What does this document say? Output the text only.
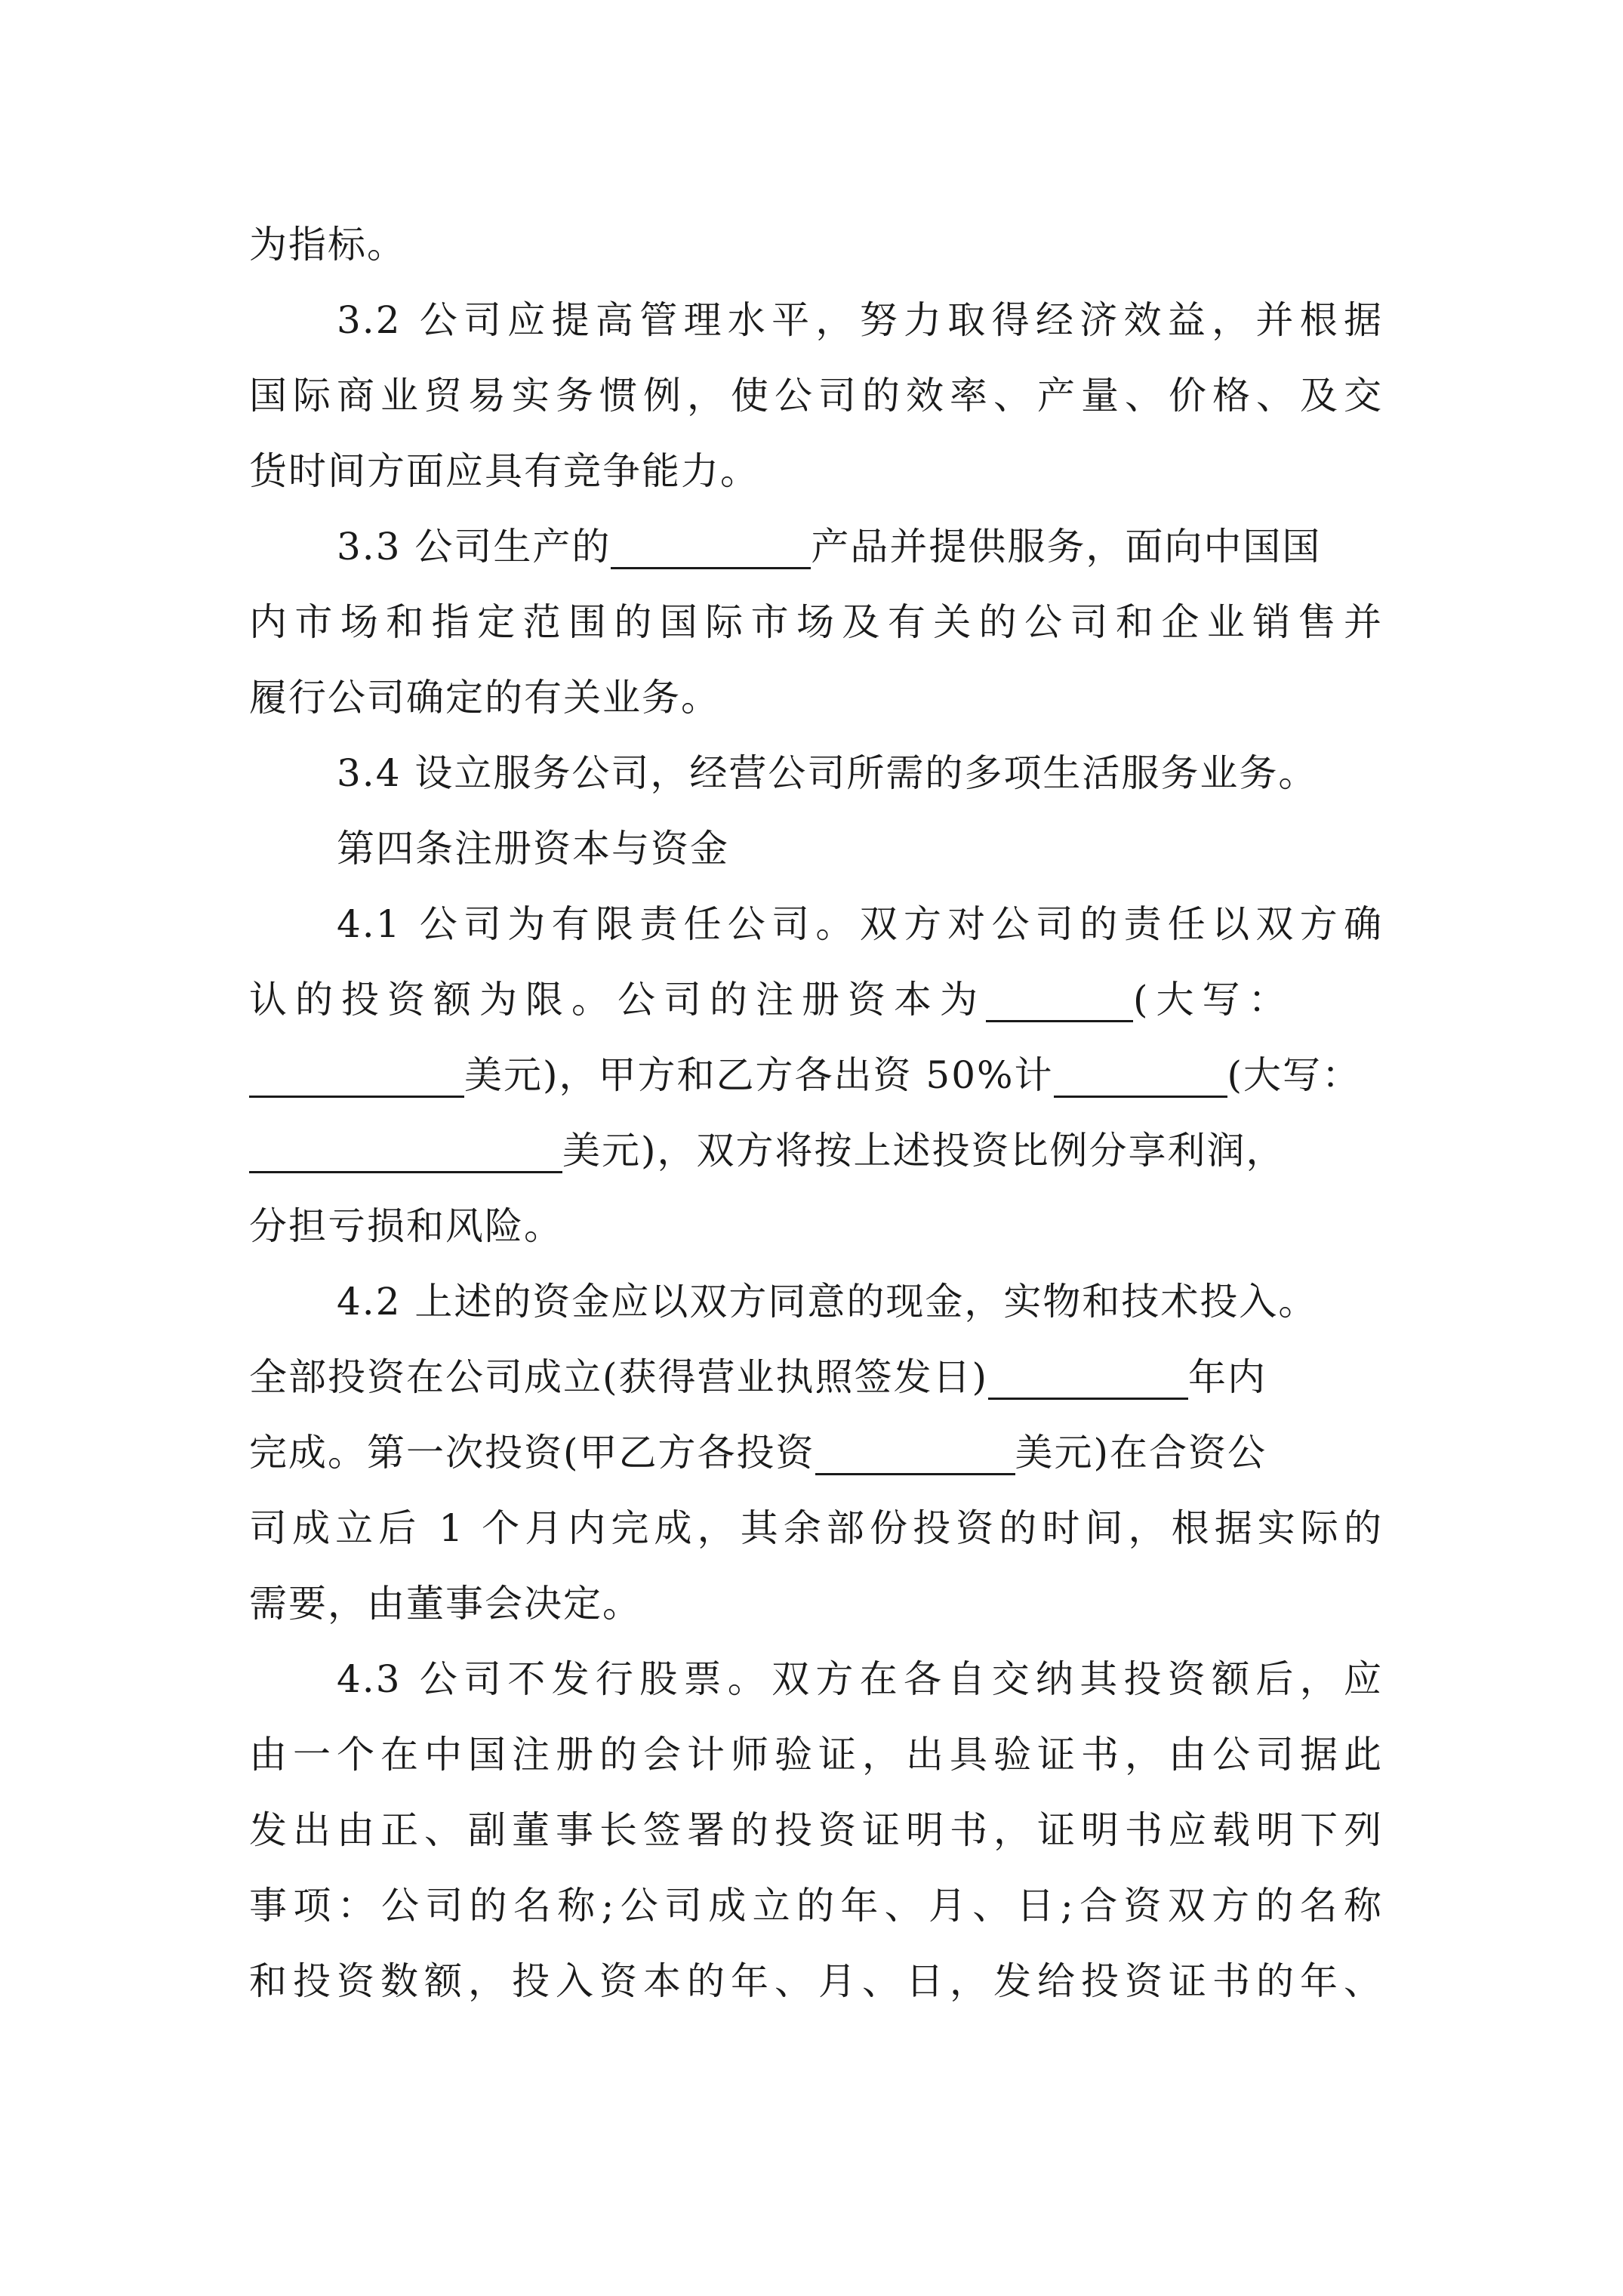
为指标。

3.2 公司应提高管理水平，努力取得经济效益，并根据

国际商业贸易实务惯例，使公司的效率、产量、价格、及交

货时间方面应具有竞争能力。

3.3 公司生产的	产品并提供服务，面向中国国

内市场和指定范围的国际市场及有关的公司和企业销售并

履行公司确定的有关业务。

3.4 设立服务公司，经营公司所需的多项生活服务业务。

第四条注册资本与资金

4.1 公司为有限责任公司。双方对公司的责任以双方确

认的投资额为限。公司的注册资本为	(大写：

美元)，甲方和乙方各出资 50%计	(大写：

美元)，双方将按上述投资比例分享利润，

分担亏损和风险。

4.2 上述的资金应以双方同意的现金，实物和技术投入。

全部投资在公司成立(获得营业执照签发日)	年内

完成。第一次投资(甲乙方各投资	美元)在合资公

司成立后 1 个月内完成，其余部份投资的时间，根据实际的

需要，由董事会决定。

4.3 公司不发行股票。双方在各自交纳其投资额后，应

由一个在中国注册的会计师验证，出具验证书，由公司据此

发出由正、副董事长签署的投资证明书，证明书应载明下列

事项：公司的名称;公司成立的年、月、日;合资双方的名称

和投资数额，投入资本的年、月、日，发给投资证书的年、
